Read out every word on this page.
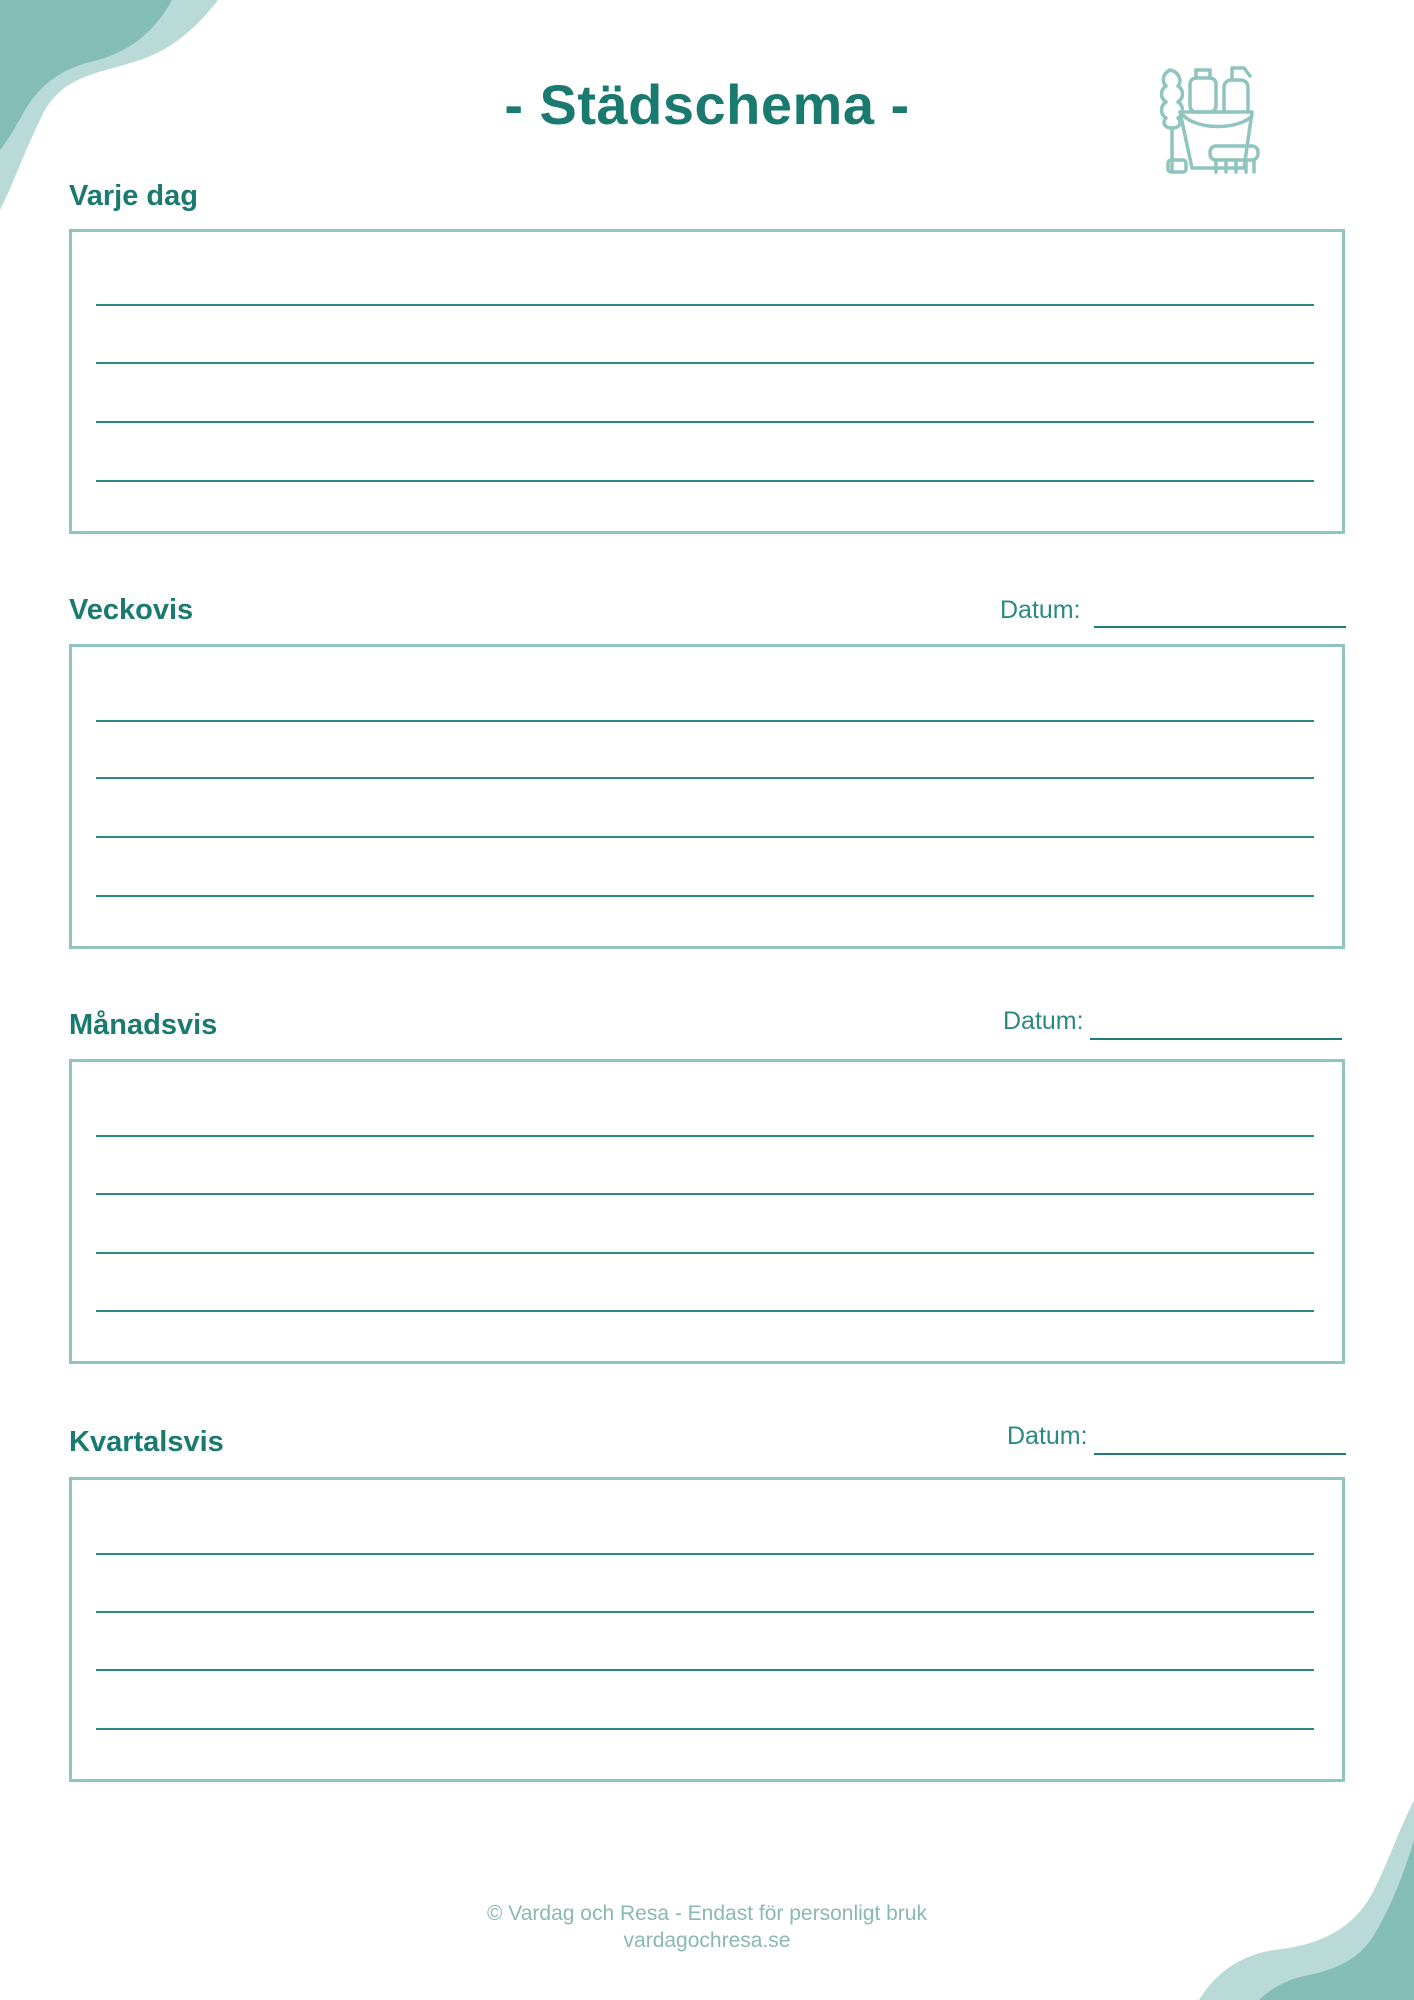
- Städschema -
Varje dag
Veckovis	Datum:
Månadsvis	Datum:
Kvartalsvis	Datum:
© Vardag och Resa - Endast för personligt bruk
vardagochresa.se
